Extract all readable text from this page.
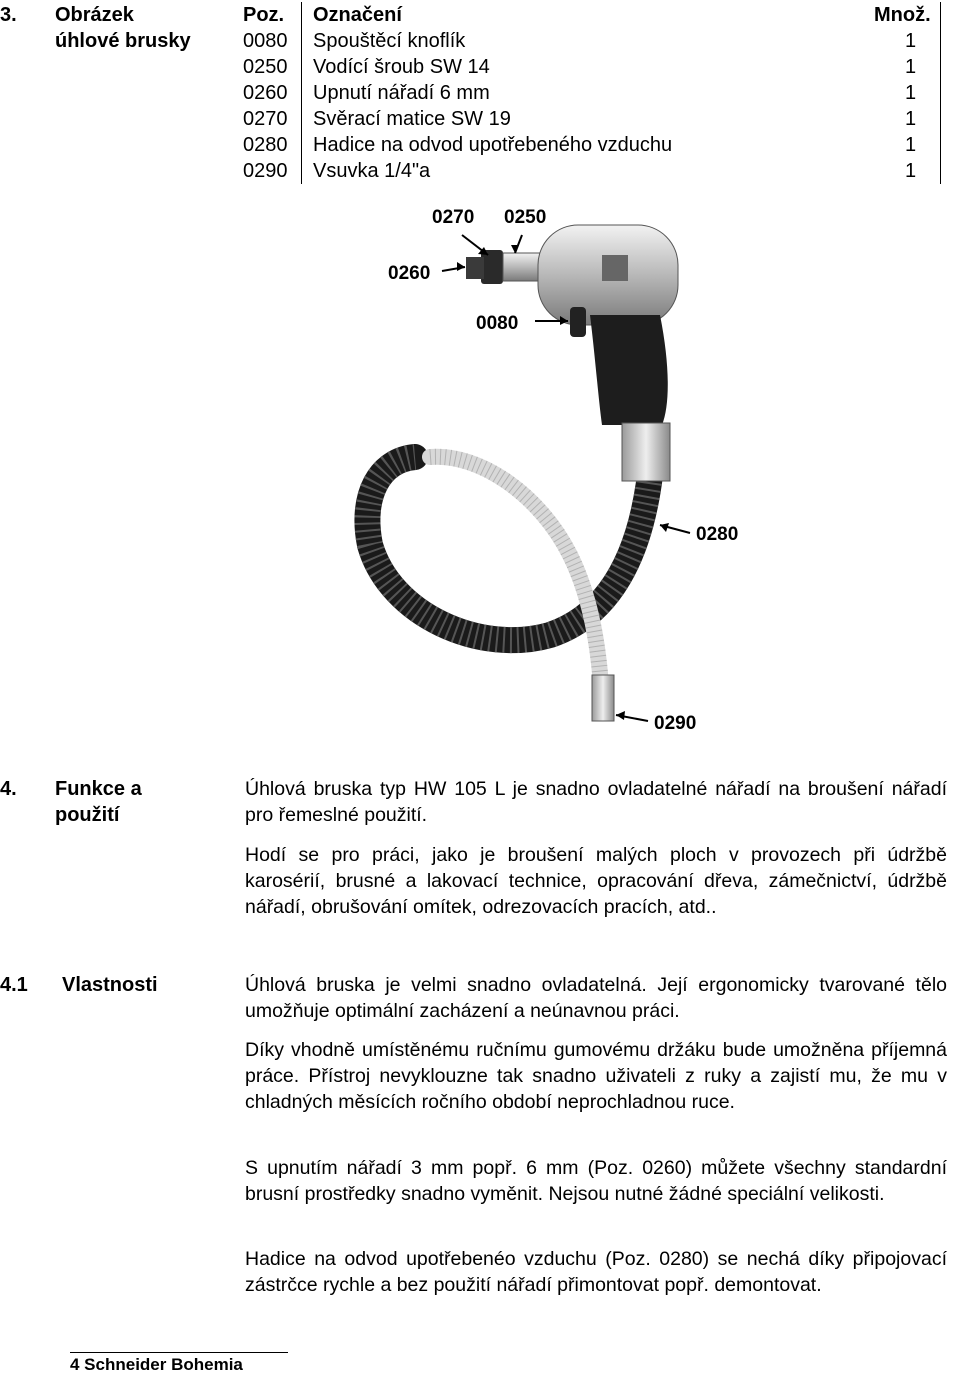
3. Obrázek
úhlové brusky
Poz. Označení	Množ.
0080 Spouštěcí knoflík	1
0250 Vodící šroub SW 14	1
0260 Upnutí nářadí 6 mm	1
0270 Svěrací matice SW 19	1
0280 Hadice na odvod upotřebeného vzduchu	1
0290 Vsuvka 1/4"a	1
0270 0250
0260
0080
0280
0290
4. Funkce a
použití
Úhlová bruska typ HW 105 L je snadno ovladatelné nářadí na broušení nářadí pro řemeslné použití.
Hodí se pro práci, jako je broušení malých ploch v provozech při údržbě karosérií, brusné a lakovací technice, opracování dřeva, zámečnictví, údržbě nářadí, obrušování omítek, odrezovacích pracích, atd..
4.1 Vlastnosti	Úhlová bruska je velmi snadno ovladatelná. Její ergonomicky tvarované tělo umožňuje optimální zacházení a neúnavnou práci.
Díky vhodně umístěnému ručnímu gumovému držáku bude umožněna příjemná práce. Přístroj nevyklouzne tak snadno uživateli z ruky a zajistí mu, že mu v chladných měsících ročního období neprochladnou ruce.
S upnutím nářadí 3 mm popř. 6 mm (Poz. 0260) můžete všechny standardní brusní prostředky snadno vyměnit. Nejsou nutné žádné speciální velikosti.
Hadice na odvod upotřebenéo vzduchu (Poz. 0280) se nechá díky připojovací zástrčce rychle a bez použití nářadí přimontovat popř. demontovat.
4 Schneider Bohemia
